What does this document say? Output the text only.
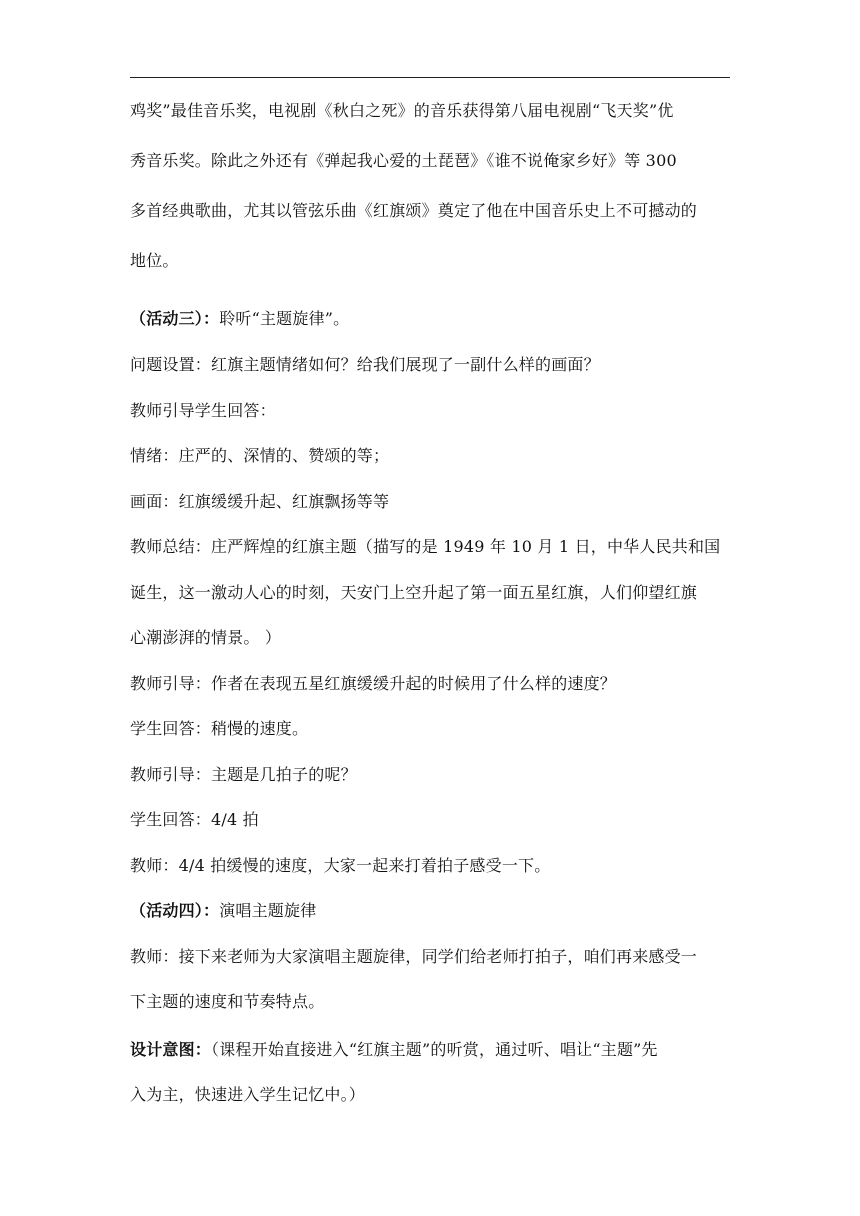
鸡奖”最佳音乐奖，电视剧《秋白之死》的音乐获得第八届电视剧“飞天奖”优

秀音乐奖。除此之外还有《弹起我心爱的土琵琶》《谁不说俺家乡好》等 300

多首经典歌曲，尤其以管弦乐曲《红旗颂》奠定了他在中国音乐史上不可撼动的

地位。

（活动三）：聆听“主题旋律”。

问题设置：红旗主题情绪如何？给我们展现了一副什么样的画面？

教师引导学生回答：

情绪：庄严的、深情的、赞颂的等；

画面：红旗缓缓升起、红旗飘扬等等

教师总结：庄严辉煌的红旗主题（描写的是 1949 年 10 月 1 日，中华人民共和国

诞生，这一激动人心的时刻，天安门上空升起了第一面五星红旗，人们仰望红旗

心潮澎湃的情景。 ）

教师引导：作者在表现五星红旗缓缓升起的时候用了什么样的速度？

学生回答：稍慢的速度。

教师引导：主题是几拍子的呢？

学生回答：4/4 拍

教师：4/4 拍缓慢的速度，大家一起来打着拍子感受一下。

（活动四）：演唱主题旋律

教师：接下来老师为大家演唱主题旋律，同学们给老师打拍子，咱们再来感受一

下主题的速度和节奏特点。

设计意图：（课程开始直接进入“红旗主题”的听赏，通过听、唱让“主题”先

入为主，快速进入学生记忆中。）
